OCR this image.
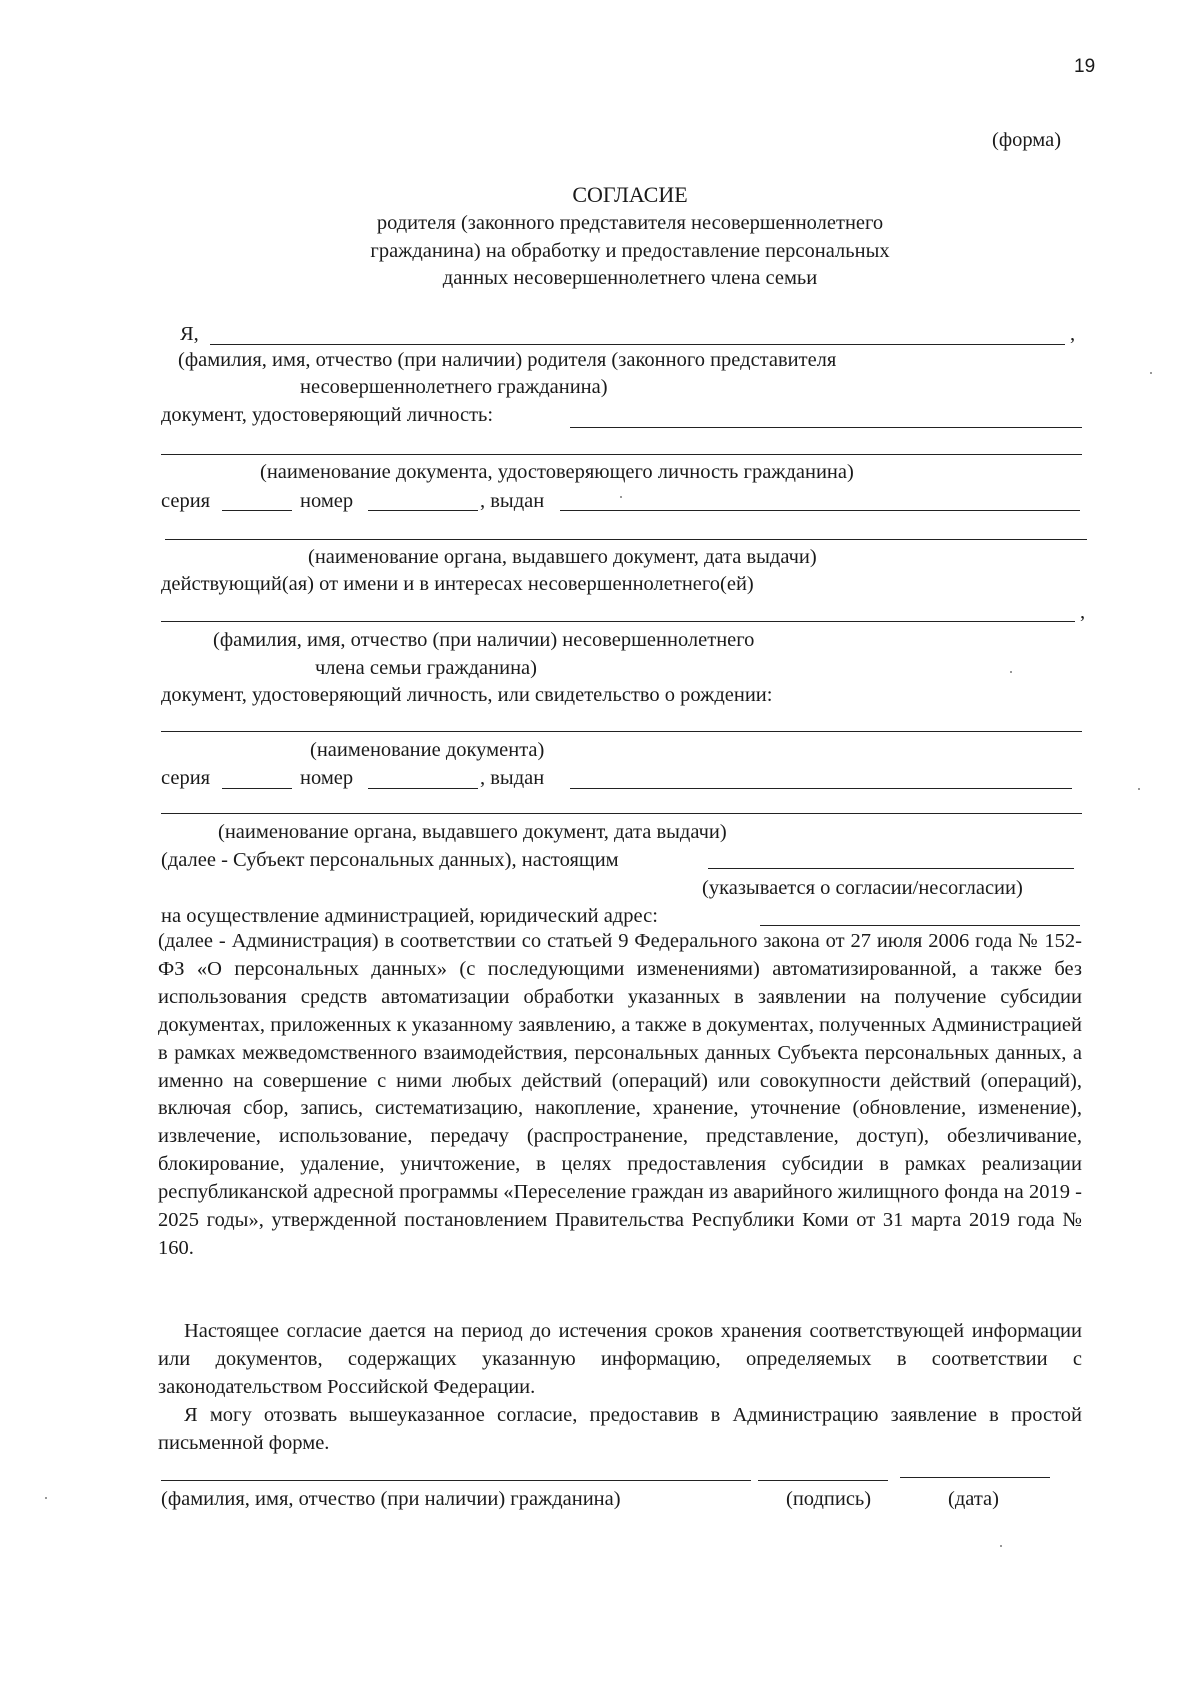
19
(форма)
СОГЛАСИЕ
родителя (законного представителя несовершеннолетнего
гражданина) на обработку и предоставление персональных
данных несовершеннолетнего члена семьи
Я,	,
(фамилия, имя, отчество (при наличии) родителя (законного представителя
несовершеннолетнего гражданина)
документ, удостоверяющий личность:
(наименование документа, удостоверяющего личность гражданина)
серия	номер	, выдан
(наименование органа, выдавшего документ, дата выдачи)
действующий(ая) от имени и в интересах несовершеннолетнего(ей)
,
(фамилия, имя, отчество (при наличии) несовершеннолетнего
члена семьи гражданина)
документ, удостоверяющий личность, или свидетельство о рождении:
(наименование документа)
серия	номер	, выдан
(наименование органа, выдавшего документ, дата выдачи)
(далее - Субъект персональных данных), настоящим
(указывается о согласии/несогласии)
на осуществление администрацией, юридический адрес:
(далее - Администрация) в соответствии со статьей 9 Федерального закона от 27 июля 2006 года № 152-ФЗ «О персональных данных» (с последующими изменениями) автоматизированной, а также без использования средств автоматизации обработки указанных в заявлении на получение субсидии документах, приложенных к указанному заявлению, а также в документах, полученных Администрацией в рамках межведомственного взаимодействия, персональных данных Субъекта персональных данных, а именно на совершение с ними любых действий (операций) или совокупности действий (операций), включая сбор, запись, систематизацию, накопление, хранение, уточнение (обновление, изменение), извлечение, использование, передачу (распространение, представление, доступ), обезличивание, блокирование, удаление, уничтожение, в целях предоставления субсидии в рамках реализации республиканской адресной программы «Переселение граждан из аварийного жилищного фонда на 2019 - 2025 годы», утвержденной постановлением Правительства Республики Коми от 31 марта 2019 года № 160.
Настоящее согласие дается на период до истечения сроков хранения соответствующей информации или документов, содержащих указанную информацию, определяемых в соответствии с законодательством Российской Федерации.
Я могу отозвать вышеуказанное согласие, предоставив в Администрацию заявление в простой письменной форме.
(фамилия, имя, отчество (при наличии) гражданина)	(подпись)	(дата)
